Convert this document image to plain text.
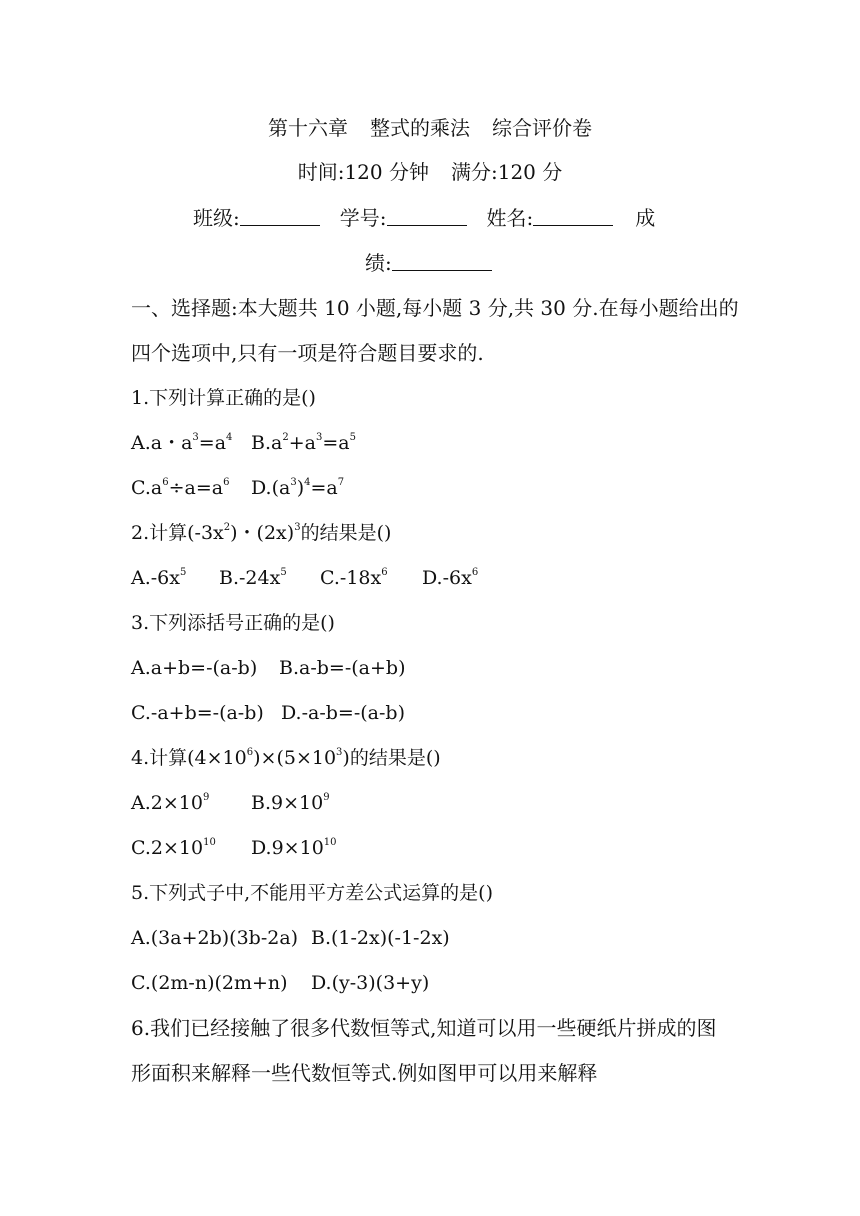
第十六章 整式的乘法 综合评价卷
时间:120 分钟 满分:120 分
班级:	学号:	姓名:	成
绩:
一、选择题:本大题共 10 小题,每小题 3 分,共 30 分.在每小题给出的
四个选项中,只有一项是符合题目要求的.
1.下列计算正确的是()
A.a・$a^3=a^4$ $B.a^2+a^3=a^5$
$C.a^6\div a=a^6$ $D.(a^3)^4=a^7$
2.计算$(-3x^2)$・$(2x)^3$的结果是()
$A.-6x^5$ $B.-24x^5$ $C.-18x^6$ $D.-6x^6$
3.下列添括号正确的是()
A.a+b=-(a-b) B.a-b=-(a+b)
C.-a+b=-(a-b) D.-a-b=-(a-b)
4.计算$(4\times 10^6)\times(5\times 10^3)$的结果是()
$A.2\times 10^9$ $B.9\times 10^9$
$C.2\times 10^{10}$ $D.9\times 10^{10}$
5.下列式子中,不能用平方差公式运算的是()
A.(3a+2b)(3b-2a) B.(1-2x)(-1-2x)
C.(2m-n)(2m+n) D.(y-3)(3+y)
6.我们已经接触了很多代数恒等式,知道可以用一些硬纸片拼成的图
形面积来解释一些代数恒等式.例如图甲可以用来解释
